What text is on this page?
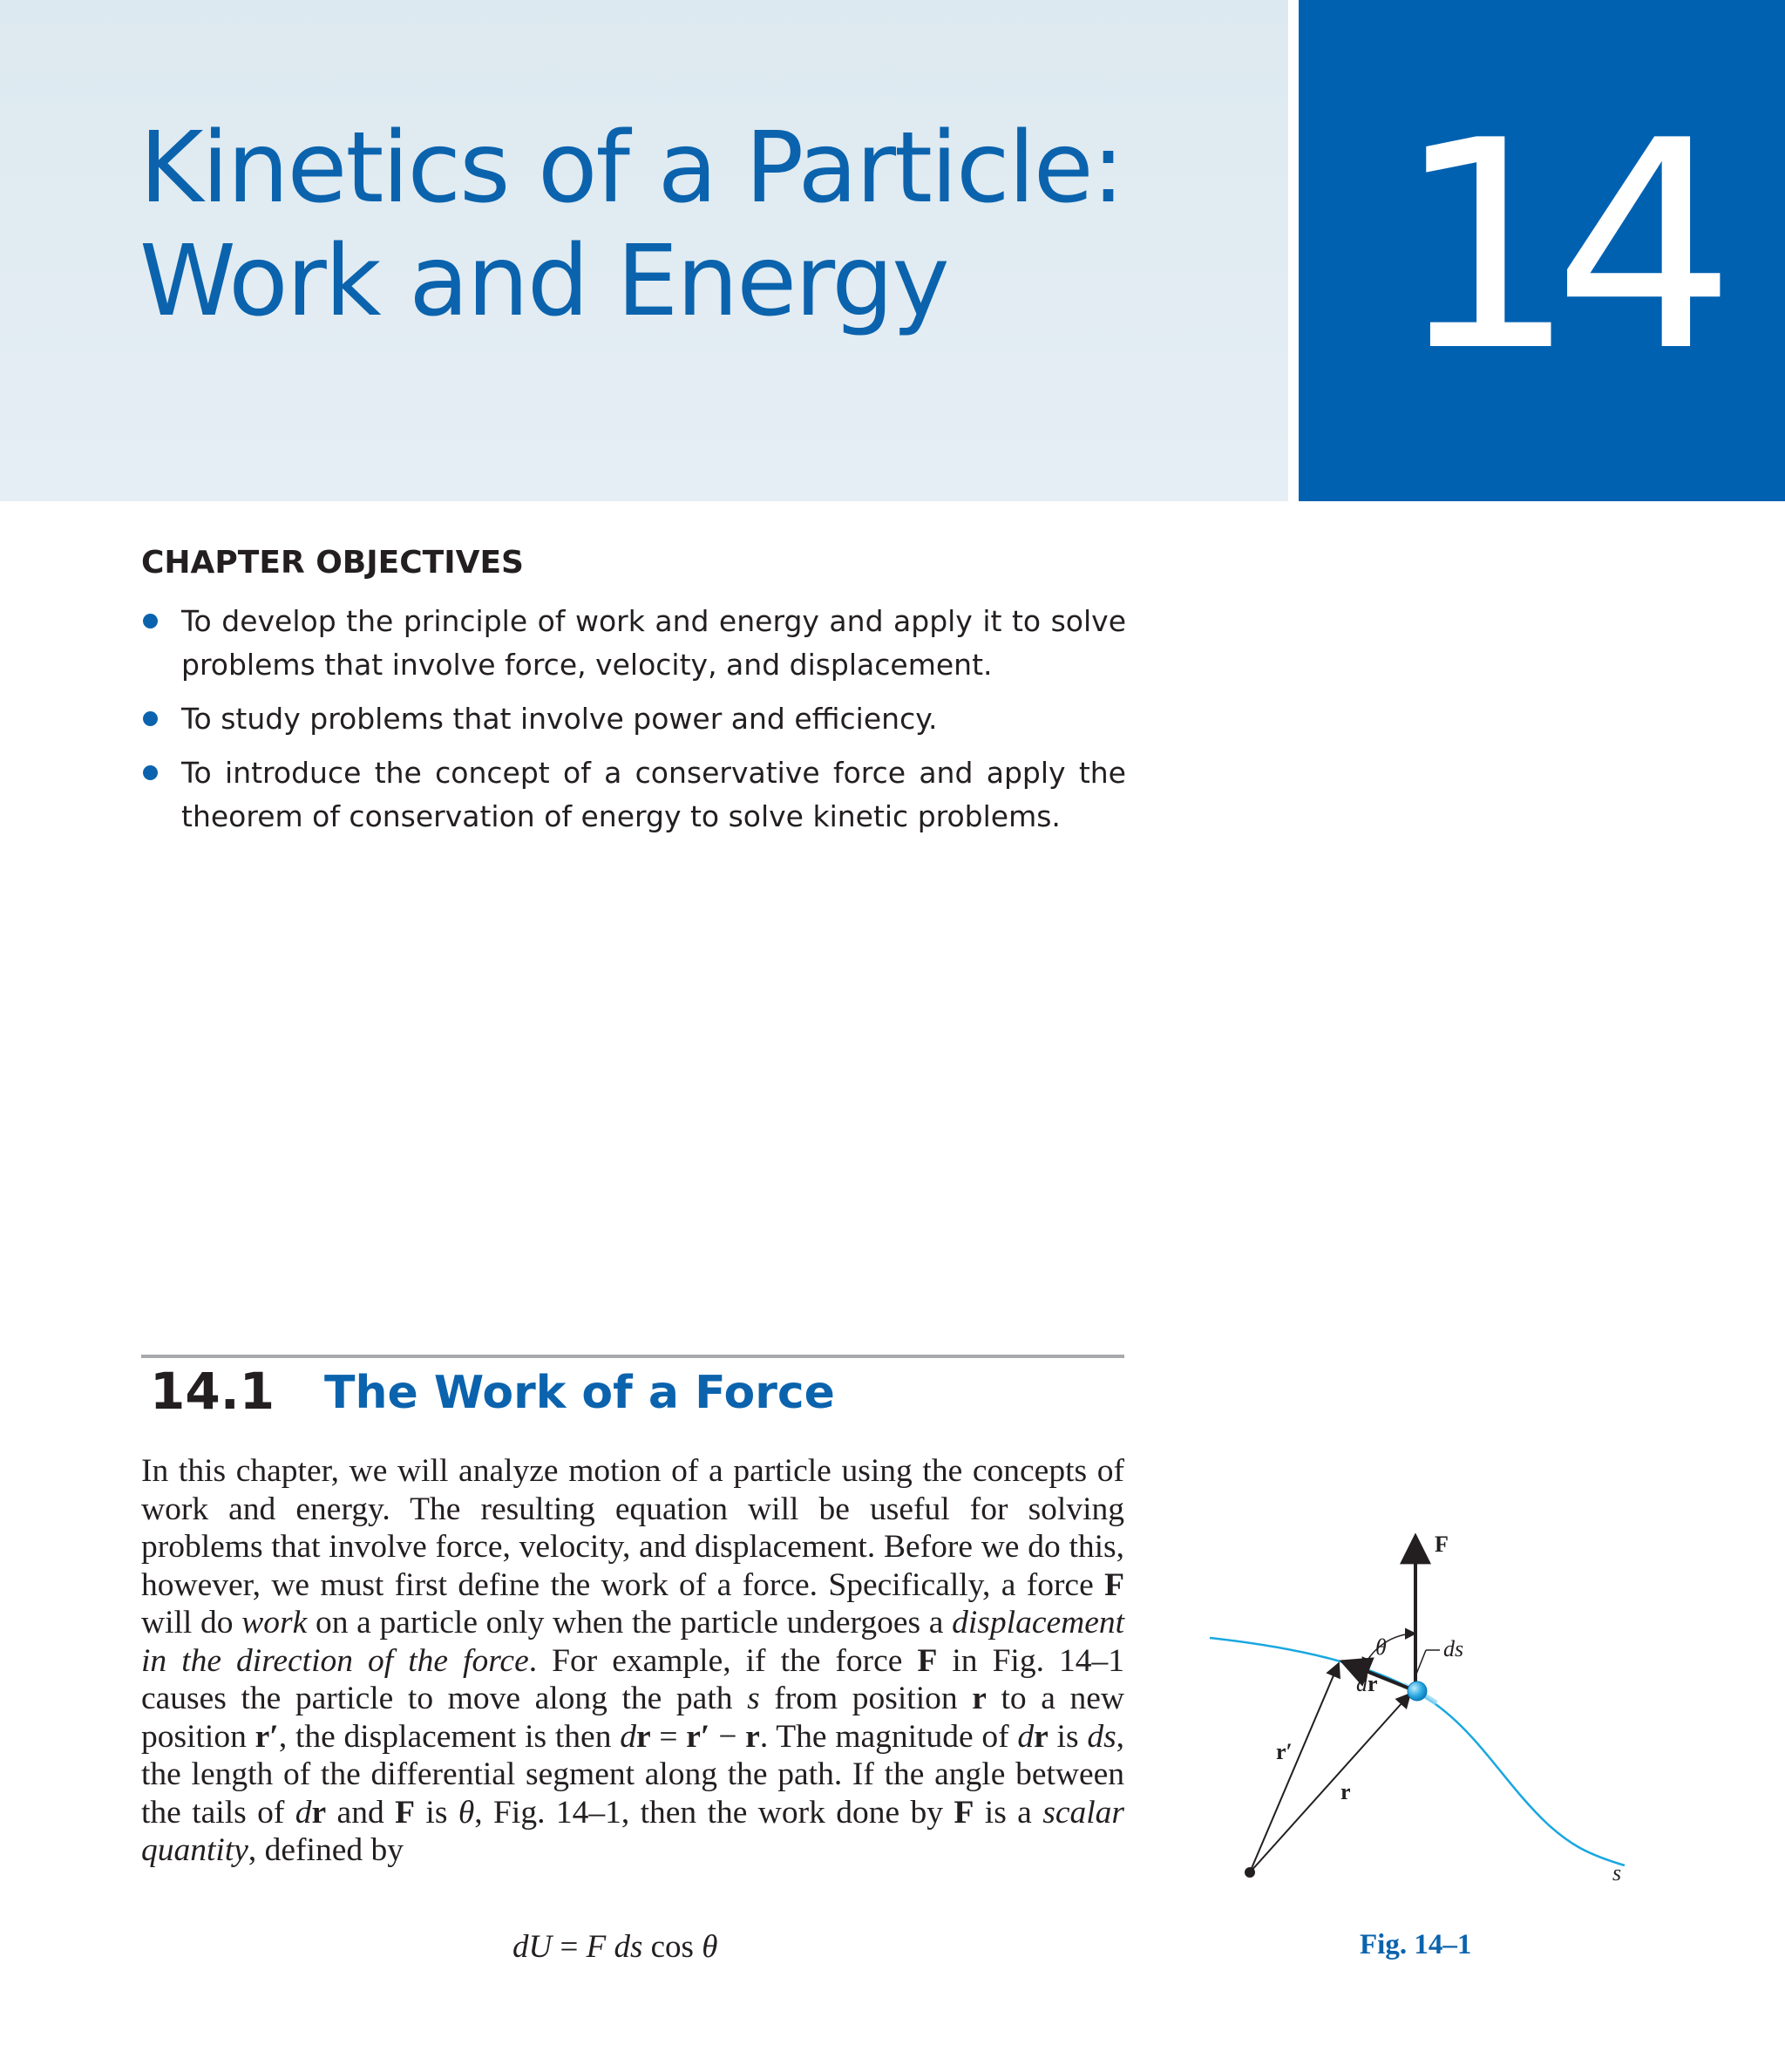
14
Kinetics of a Particle:
Work and Energy
CHAPTER OBJECTIVES
To develop the principle of work and energy and apply it to solve problems that involve force, velocity, and displacement.
To study problems that involve power and efficiency.
To introduce the concept of a conservative force and apply the theorem of conservation of energy to solve kinetic problems.
14.1 The Work of a Force

In this chapter, we will analyze motion of a particle using the concepts of work and energy. The resulting equation will be useful for solving problems that involve force, velocity, and displacement. Before we do this, however, we must first define the work of a force. Specifically, a force F will do work on a particle only when the particle undergoes a displacement in the direction of the force. For example, if the force F in Fig. 14–1 causes the particle to move along the path s from position r to a new position r′, the displacement is then dr = r′ − r. The magnitude of dr is ds, the length of the differential segment along the path. If the angle between the tails of dr and F is θ, Fig. 14–1, then the work done by F is a scalar quantity, defined by

dU = F ds cos θ
F
θ	ds
dr
r′
r
s
Fig. 14–1
